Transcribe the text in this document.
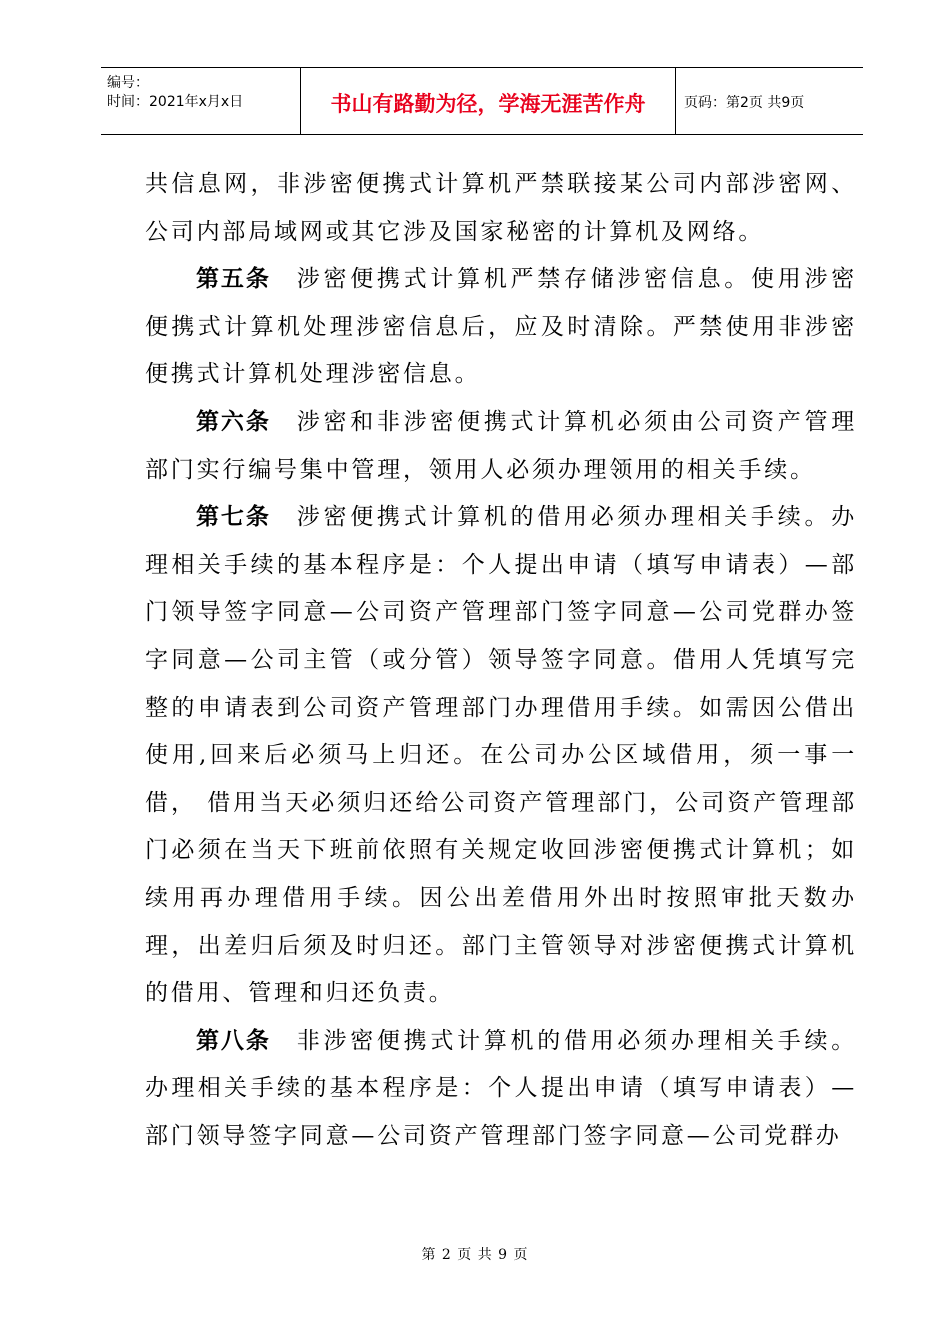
编号：
时间：2021年x月x日	书山有路勤为径，学海无涯苦作舟	页码：第2页 共9页

共信息网，非涉密便携式计算机严禁联接某公司内部涉密网、公司内部局域网或其它涉及国家秘密的计算机及网络。

第五条 涉密便携式计算机严禁存储涉密信息。使用涉密便携式计算机处理涉密信息后，应及时清除。严禁使用非涉密便携式计算机处理涉密信息。

第六条 涉密和非涉密便携式计算机必须由公司资产管理部门实行编号集中管理，领用人必须办理领用的相关手续。

第七条 涉密便携式计算机的借用必须办理相关手续。办理相关手续的基本程序是：个人提出申请（填写申请表）—部门领导签字同意—公司资产管理部门签字同意—公司党群办签字同意—公司主管（或分管）领导签字同意。借用人凭填写完整的申请表到公司资产管理部门办理借用手续。如需因公借出使用,回来后必须马上归还。在公司办公区域借用，须一事一借， 借用当天必须归还给公司资产管理部门，公司资产管理部门必须在当天下班前依照有关规定收回涉密便携式计算机；如续用再办理借用手续。因公出差借用外出时按照审批天数办理，出差归后须及时归还。部门主管领导对涉密便携式计算机的借用、管理和归还负责。

第八条 非涉密便携式计算机的借用必须办理相关手续。办理相关手续的基本程序是：个人提出申请（填写申请表）—部门领导签字同意—公司资产管理部门签字同意—公司党群办

第 2 页 共 9 页
